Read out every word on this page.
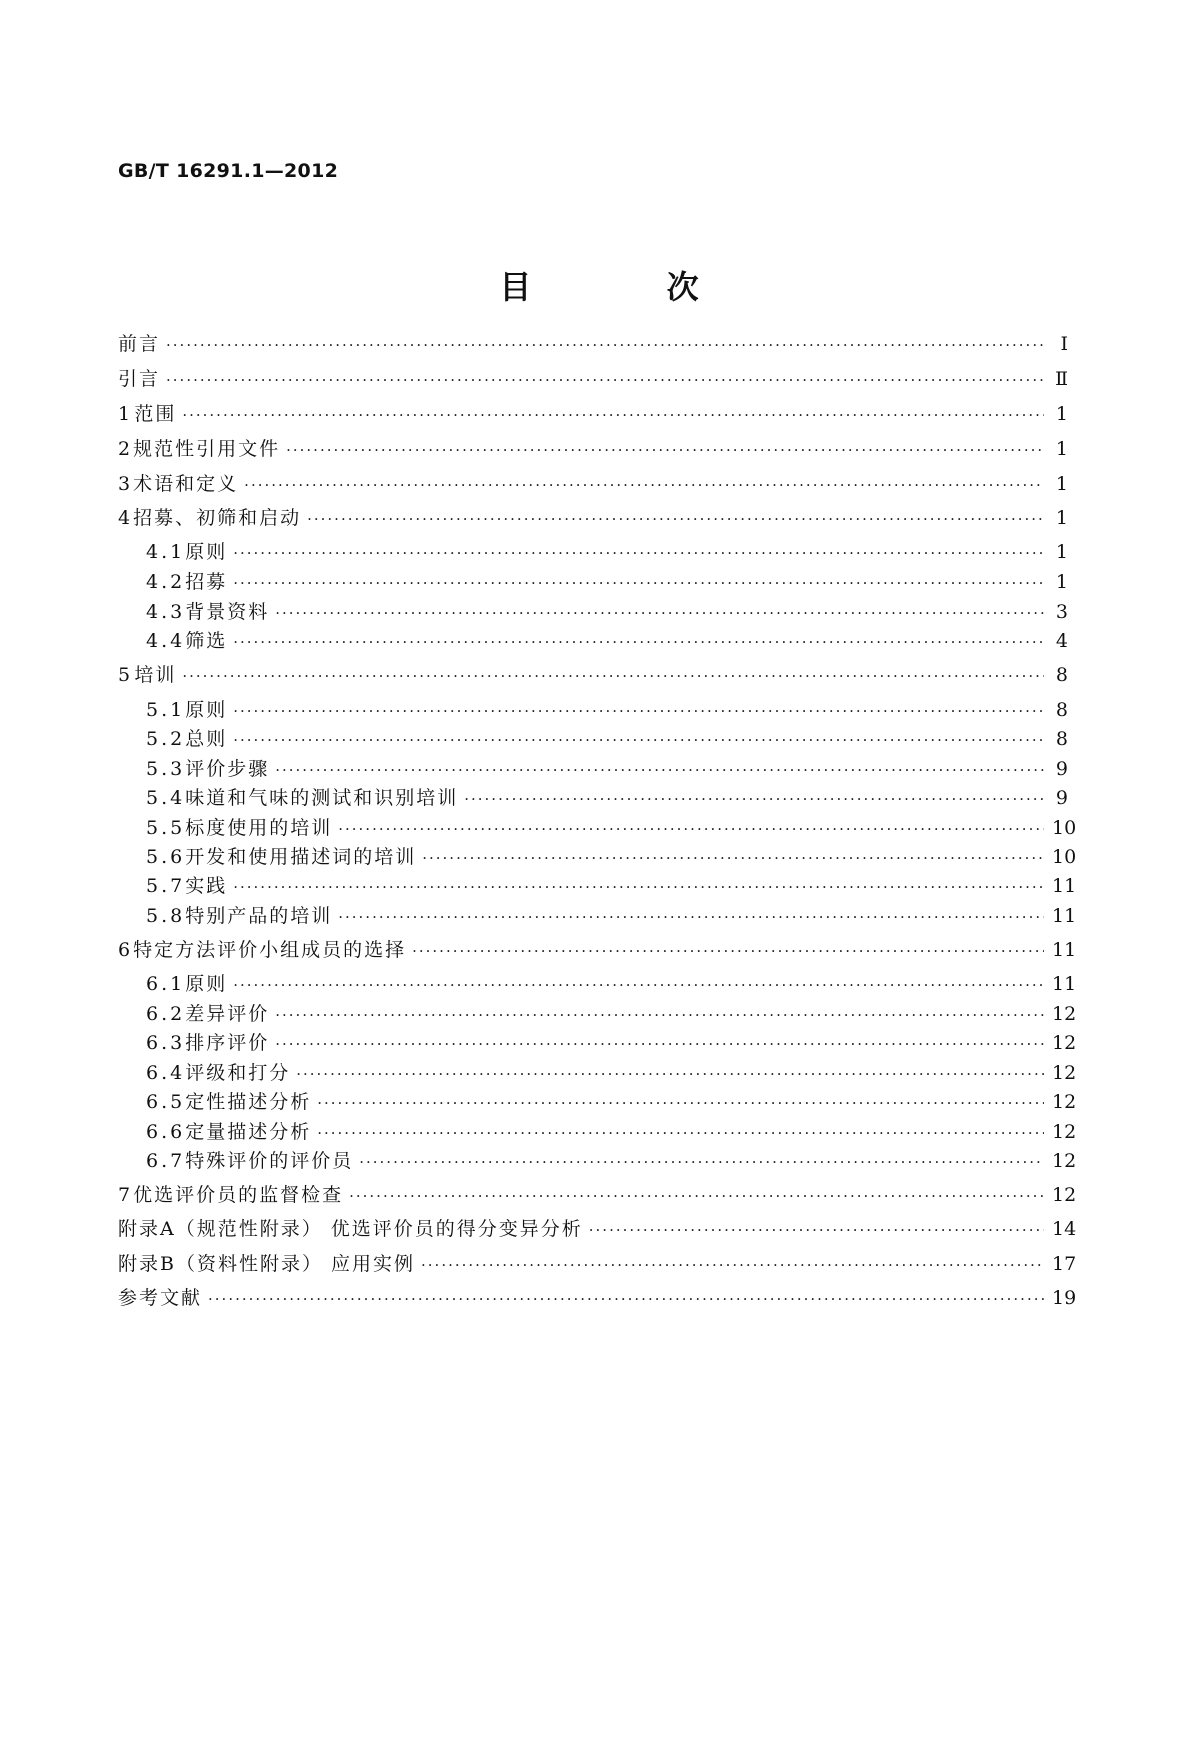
GB/T 16291.1—2012
目 次
前言 ·····	Ⅰ
引言 ·····	Ⅱ
1 范围 ·····	1
2 规范性引用文件 ·····	1
3 术语和定义 ·····	1
4 招募、初筛和启动 ·····	1
4.1 原则 ·····	1
4.2 招募 ·····	1
4.3 背景资料 ·····	3
4.4 筛选 ·····	4
5 培训 ·····	8
5.1 原则 ·····	8
5.2 总则 ·····	8
5.3 评价步骤 ·····	9
5.4 味道和气味的测试和识别培训 ·····	9
5.5 标度使用的培训 ·····	10
5.6 开发和使用描述词的培训 ·····	10
5.7 实践 ·····	11
5.8 特别产品的培训 ·····	11
6 特定方法评价小组成员的选择 ·····	11
6.1 原则 ·····	11
6.2 差异评价 ·····	12
6.3 排序评价 ·····	12
6.4 评级和打分 ·····	12
6.5 定性描述分析 ·····	12
6.6 定量描述分析 ·····	12
6.7 特殊评价的评价员 ·····	12
7 优选评价员的监督检查 ·····	12
附录A（规范性附录） 优选评价员的得分变异分析 ·····	14
附录B（资料性附录） 应用实例 ·····	17
参考文献 ·····	19
